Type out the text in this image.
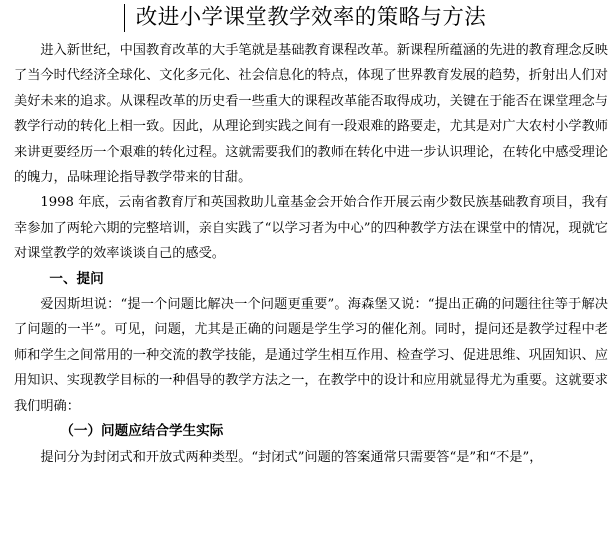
改进小学课堂教学效率的策略与方法

进入新世纪，中国教育改革的大手笔就是基础教育课程改革。新课程所蕴涵的先进的教育理念反映了当今时代经济全球化、文化多元化、社会信息化的特点，体现了世界教育发展的趋势，折射出人们对美好未来的追求。从课程改革的历史看一些重大的课程改革能否取得成功，关键在于能否在课堂理念与教学行动的转化上相一致。因此，从理论到实践之间有一段艰难的路要走，尤其是对广大农村小学教师来讲更要经历一个艰难的转化过程。这就需要我们的教师在转化中进一步认识理论，在转化中感受理论的魄力，品味理论指导教学带来的甘甜。

1998 年底，云南省教育厅和英国救助儿童基金会开始合作开展云南少数民族基础教育项目，我有幸参加了两轮六期的完整培训，亲自实践了“以学习者为中心”的四种教学方法在课堂中的情况，现就它对课堂教学的效率谈谈自己的感受。

一、提问

爱因斯坦说：“提一个问题比解决一个问题更重要”。海森堡又说：“提出正确的问题往往等于解决了问题的一半”。可见，问题，尤其是正确的问题是学生学习的催化剂。同时，提问还是教学过程中老师和学生之间常用的一种交流的教学技能，是通过学生相互作用、检查学习、促进思维、巩固知识、应用知识、实现教学目标的一种倡导的教学方法之一，在教学中的设计和应用就显得尤为重要。这就要求我们明确：

（一）问题应结合学生实际

提问分为封闭式和开放式两种类型。“封闭式”问题的答案通常只需要答“是”和“不是”，
